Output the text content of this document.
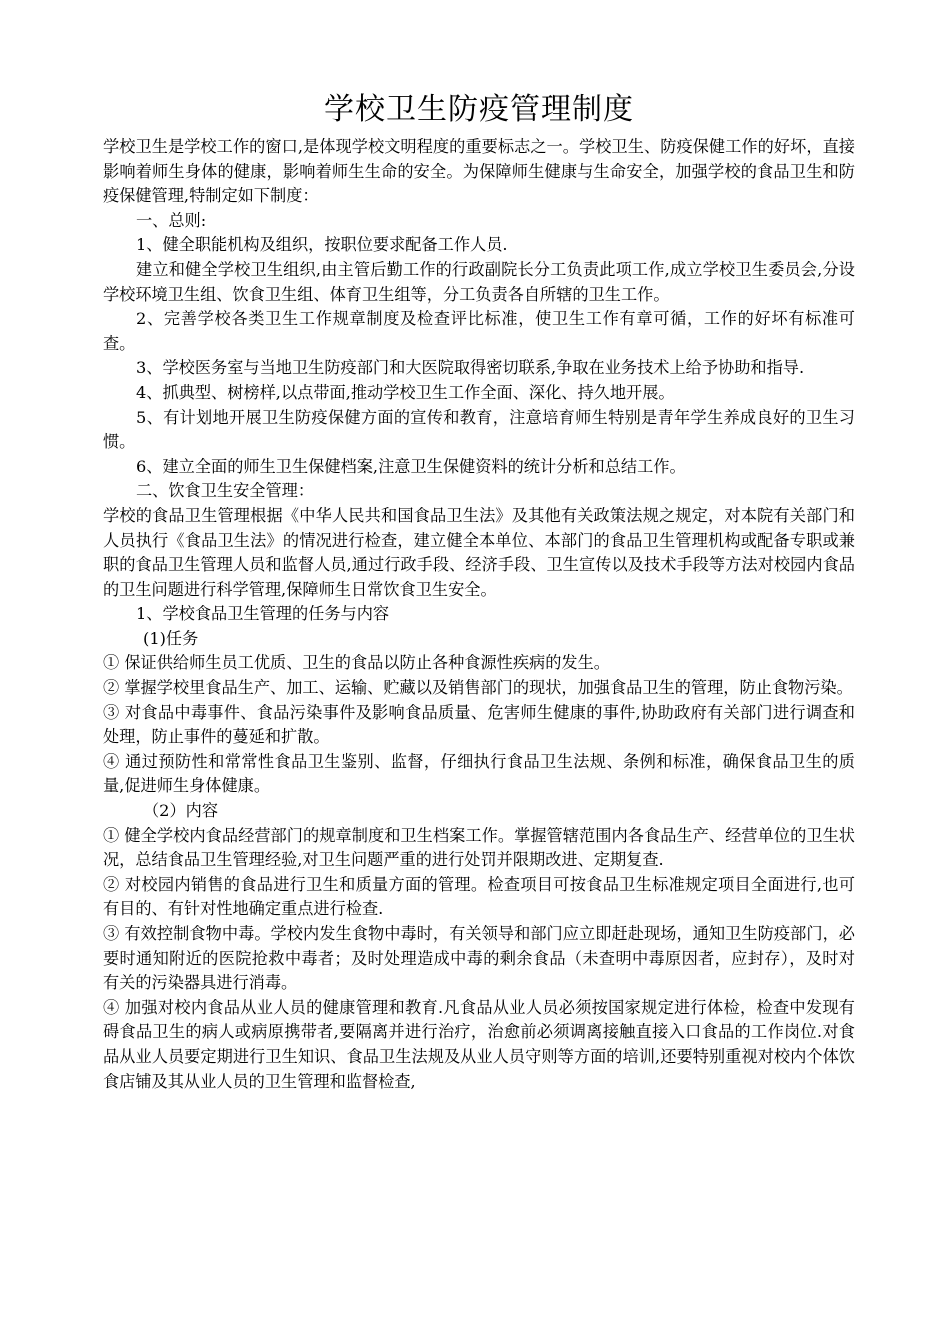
学校卫生防疫管理制度

学校卫生是学校工作的窗口,是体现学校文明程度的重要标志之一。学校卫生、防疫保健工作的好坏，直接影响着师生身体的健康，影响着师生生命的安全。为保障师生健康与生命安全，加强学校的食品卫生和防疫保健管理,特制定如下制度：

一、总则:

1、健全职能机构及组织，按职位要求配备工作人员.

建立和健全学校卫生组织,由主管后勤工作的行政副院长分工负责此项工作,成立学校卫生委员会,分设学校环境卫生组、饮食卫生组、体育卫生组等，分工负责各自所辖的卫生工作。

2、完善学校各类卫生工作规章制度及检查评比标准，使卫生工作有章可循，工作的好坏有标准可查。

3、学校医务室与当地卫生防疫部门和大医院取得密切联系,争取在业务技术上给予协助和指导.

4、抓典型、树榜样,以点带面,推动学校卫生工作全面、深化、持久地开展。

5、有计划地开展卫生防疫保健方面的宣传和教育，注意培育师生特别是青年学生养成良好的卫生习惯。

6、建立全面的师生卫生保健档案,注意卫生保健资料的统计分析和总结工作。

二、饮食卫生安全管理：

学校的食品卫生管理根据《中华人民共和国食品卫生法》及其他有关政策法规之规定，对本院有关部门和人员执行《食品卫生法》的情况进行检查，建立健全本单位、本部门的食品卫生管理机构或配备专职或兼职的食品卫生管理人员和监督人员,通过行政手段、经济手段、卫生宣传以及技术手段等方法对校园内食品的卫生问题进行科学管理,保障师生日常饮食卫生安全。

1、学校食品卫生管理的任务与内容

(1)任务

① 保证供给师生员工优质、卫生的食品以防止各种食源性疾病的发生。

② 掌握学校里食品生产、加工、运输、贮藏以及销售部门的现状，加强食品卫生的管理，防止食物污染。

③ 对食品中毒事件、食品污染事件及影响食品质量、危害师生健康的事件,协助政府有关部门进行调查和处理，防止事件的蔓延和扩散。

④ 通过预防性和常常性食品卫生鉴别、监督，仔细执行食品卫生法规、条例和标准，确保食品卫生的质量,促进师生身体健康。

（2）内容

① 健全学校内食品经营部门的规章制度和卫生档案工作。掌握管辖范围内各食品生产、经营单位的卫生状况，总结食品卫生管理经验,对卫生问题严重的进行处罚并限期改进、定期复查.

② 对校园内销售的食品进行卫生和质量方面的管理。检查项目可按食品卫生标准规定项目全面进行,也可有目的、有针对性地确定重点进行检查.

③ 有效控制食物中毒。学校内发生食物中毒时，有关领导和部门应立即赶赴现场，通知卫生防疫部门，必要时通知附近的医院抢救中毒者；及时处理造成中毒的剩余食品（未查明中毒原因者，应封存），及时对有关的污染器具进行消毒。

④ 加强对校内食品从业人员的健康管理和教育.凡食品从业人员必须按国家规定进行体检，检查中发现有碍食品卫生的病人或病原携带者,要隔离并进行治疗，治愈前必须调离接触直接入口食品的工作岗位.对食品从业人员要定期进行卫生知识、食品卫生法规及从业人员守则等方面的培训,还要特别重视对校内个体饮食店铺及其从业人员的卫生管理和监督检查,
